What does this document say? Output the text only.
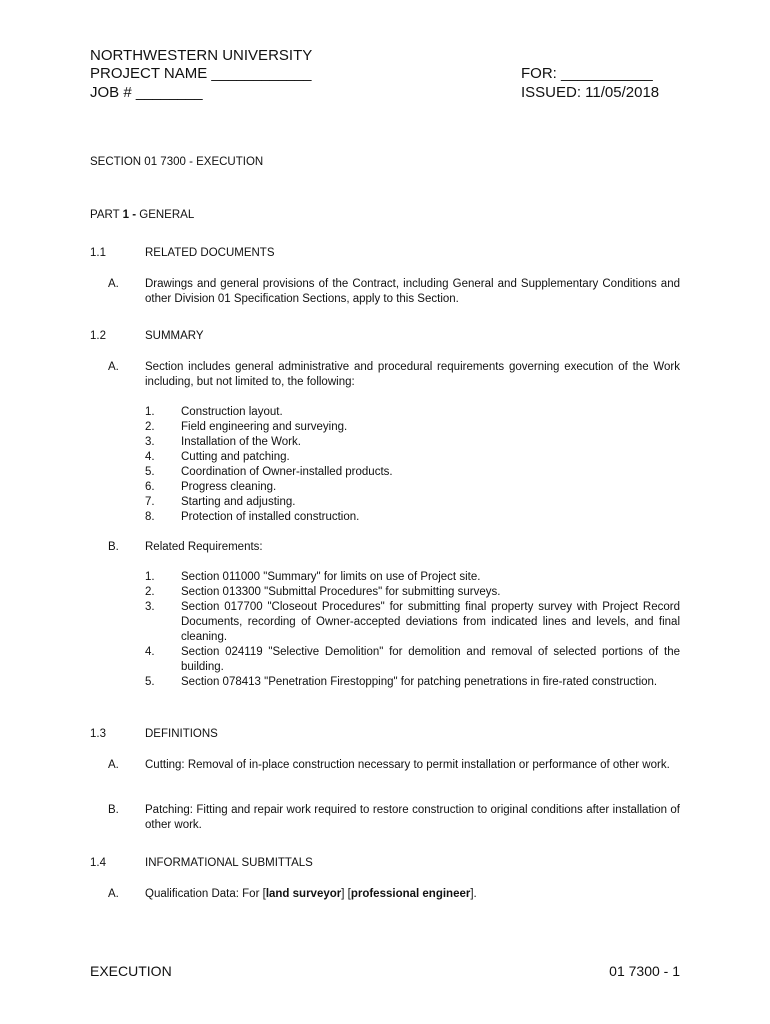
NORTHWESTERN UNIVERSITY
PROJECT NAME ____________
JOB # ________
FOR: ___________
ISSUED: 11/05/2018
SECTION 01 7300 - EXECUTION
PART 1 - GENERAL
1.1	RELATED DOCUMENTS
A. Drawings and general provisions of the Contract, including General and Supplementary Conditions and other Division 01 Specification Sections, apply to this Section.
1.2	SUMMARY
A. Section includes general administrative and procedural requirements governing execution of the Work including, but not limited to, the following:
1. Construction layout.
2. Field engineering and surveying.
3. Installation of the Work.
4. Cutting and patching.
5. Coordination of Owner-installed products.
6. Progress cleaning.
7. Starting and adjusting.
8. Protection of installed construction.
B. Related Requirements:
1. Section 011000 "Summary" for limits on use of Project site.
2. Section 013300 "Submittal Procedures" for submitting surveys.
3. Section 017700 "Closeout Procedures" for submitting final property survey with Project Record Documents, recording of Owner-accepted deviations from indicated lines and levels, and final cleaning.
4. Section 024119 "Selective Demolition" for demolition and removal of selected portions of the building.
5. Section 078413 "Penetration Firestopping" for patching penetrations in fire-rated construction.
1.3	DEFINITIONS
A. Cutting: Removal of in-place construction necessary to permit installation or performance of other work.
B. Patching: Fitting and repair work required to restore construction to original conditions after installation of other work.
1.4	INFORMATIONAL SUBMITTALS
A. Qualification Data: For [land surveyor] [professional engineer].
EXECUTION	01 7300 - 1
